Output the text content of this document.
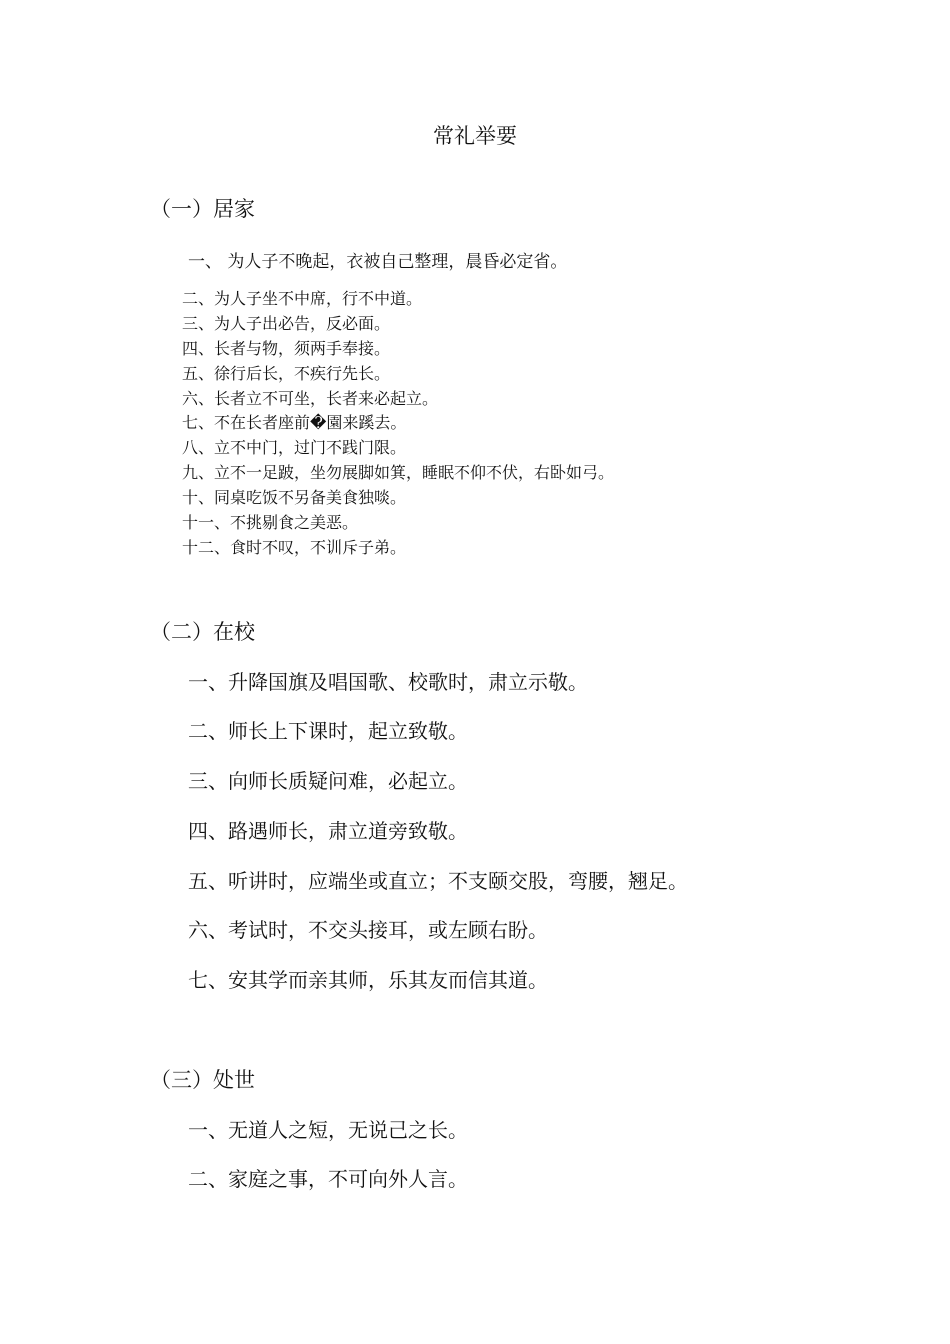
常礼举要
（一）居家
一、 为人子不晚起，衣被自己整理，晨昏必定省。
二、为人子坐不中席，行不中道。
三、为人子出必告，反必面。
四、长者与物，须两手奉接。
五、徐行后长，不疾行先长。
六、长者立不可坐，长者来必起立。
七、不在长者座前�園来蹊去。
八、立不中门，过门不践门限。
九、立不一足跛，坐勿展脚如箕，睡眠不仰不伏，右卧如弓。
十、同桌吃饭不另备美食独啖。
十一、不挑剔食之美恶。
十二、食时不叹，不训斥子弟。
（二）在校
一、升降国旗及唱国歌、校歌时，肃立示敬。
二、师长上下课时，起立致敬。
三、向师长质疑问难，必起立。
四、路遇师长，肃立道旁致敬。
五、听讲时，应端坐或直立；不支颐交股，弯腰，翘足。
六、考试时，不交头接耳，或左顾右盼。
七、安其学而亲其师，乐其友而信其道。
（三）处世
一、无道人之短，无说己之长。
二、家庭之事，不可向外人言。
